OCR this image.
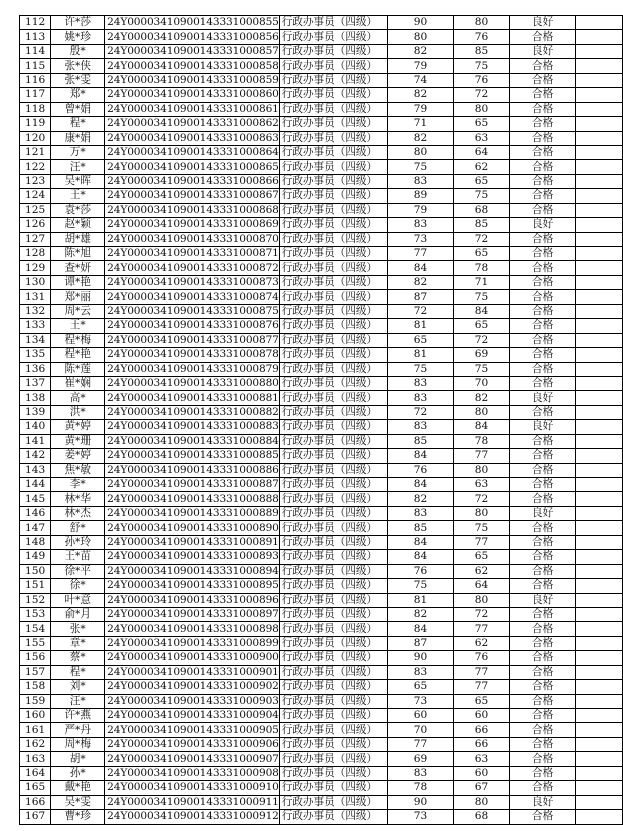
112	许*莎	24Y00003410900143331000855	行政办事员（四级）	90	80	良好	
113	姚*珍	24Y00003410900143331000856	行政办事员（四级）	80	76	合格	
114	殷*	24Y00003410900143331000857	行政办事员（四级）	82	85	良好	
115	张*侠	24Y00003410900143331000858	行政办事员（四级）	79	75	合格	
116	张*雯	24Y00003410900143331000859	行政办事员（四级）	74	76	合格	
117	郑*	24Y00003410900143331000860	行政办事员（四级）	82	72	合格	
118	曾*娟	24Y00003410900143331000861	行政办事员（四级）	79	80	合格	
119	程*	24Y00003410900143331000862	行政办事员（四级）	71	65	合格	
120	康*娟	24Y00003410900143331000863	行政办事员（四级）	82	63	合格	
121	万*	24Y00003410900143331000864	行政办事员（四级）	80	64	合格	
122	汪*	24Y00003410900143331000865	行政办事员（四级）	75	62	合格	
123	吴*晖	24Y00003410900143331000866	行政办事员（四级）	83	65	合格	
124	王*	24Y00003410900143331000867	行政办事员（四级）	89	75	合格	
125	袁*莎	24Y00003410900143331000868	行政办事员（四级）	79	68	合格	
126	赵*颖	24Y00003410900143331000869	行政办事员（四级）	83	85	良好	
127	胡*雄	24Y00003410900143331000870	行政办事员（四级）	73	72	合格	
128	陈*旭	24Y00003410900143331000871	行政办事员（四级）	77	65	合格	
129	查*妍	24Y00003410900143331000872	行政办事员（四级）	84	78	合格	
130	谭*艳	24Y00003410900143331000873	行政办事员（四级）	82	71	合格	
131	郑*丽	24Y00003410900143331000874	行政办事员（四级）	87	75	合格	
132	周*云	24Y00003410900143331000875	行政办事员（四级）	72	84	合格	
133	王*	24Y00003410900143331000876	行政办事员（四级）	81	65	合格	
134	程*梅	24Y00003410900143331000877	行政办事员（四级）	65	72	合格	
135	程*艳	24Y00003410900143331000878	行政办事员（四级）	81	69	合格	
136	陈*莲	24Y00003410900143331000879	行政办事员（四级）	75	75	合格	
137	崔*娴	24Y00003410900143331000880	行政办事员（四级）	83	70	合格	
138	高*	24Y00003410900143331000881	行政办事员（四级）	83	82	良好	
139	洪*	24Y00003410900143331000882	行政办事员（四级）	72	80	合格	
140	黄*婷	24Y00003410900143331000883	行政办事员（四级）	83	84	良好	
141	黄*珊	24Y00003410900143331000884	行政办事员（四级）	85	78	合格	
142	姜*婷	24Y00003410900143331000885	行政办事员（四级）	84	77	合格	
143	焦*敏	24Y00003410900143331000886	行政办事员（四级）	76	80	合格	
144	李*	24Y00003410900143331000887	行政办事员（四级）	84	63	合格	
145	林*华	24Y00003410900143331000888	行政办事员（四级）	82	72	合格	
146	林*杰	24Y00003410900143331000889	行政办事员（四级）	83	80	良好	
147	舒*	24Y00003410900143331000890	行政办事员（四级）	85	75	合格	
148	孙*玲	24Y00003410900143331000891	行政办事员（四级）	84	77	合格	
149	王*苗	24Y00003410900143331000893	行政办事员（四级）	84	65	合格	
150	徐*平	24Y00003410900143331000894	行政办事员（四级）	76	62	合格	
151	徐*	24Y00003410900143331000895	行政办事员（四级）	75	64	合格	
152	叶*意	24Y00003410900143331000896	行政办事员（四级）	81	80	良好	
153	俞*月	24Y00003410900143331000897	行政办事员（四级）	82	72	合格	
154	张*	24Y00003410900143331000898	行政办事员（四级）	84	77	合格	
155	章*	24Y00003410900143331000899	行政办事员（四级）	87	62	合格	
156	蔡*	24Y00003410900143331000900	行政办事员（四级）	90	76	合格	
157	程*	24Y00003410900143331000901	行政办事员（四级）	83	77	合格	
158	刘*	24Y00003410900143331000902	行政办事员（四级）	65	77	合格	
159	汪*	24Y00003410900143331000903	行政办事员（四级）	73	65	合格	
160	许*燕	24Y00003410900143331000904	行政办事员（四级）	60	60	合格	
161	严*丹	24Y00003410900143331000905	行政办事员（四级）	70	66	合格	
162	周*梅	24Y00003410900143331000906	行政办事员（四级）	77	66	合格	
163	胡*	24Y00003410900143331000907	行政办事员（四级）	69	63	合格	
164	孙*	24Y00003410900143331000908	行政办事员（四级）	83	60	合格	
165	戴*艳	24Y00003410900143331000910	行政办事员（四级）	78	67	合格	
166	吴*雯	24Y00003410900143331000911	行政办事员（四级）	90	80	良好	
167	曹*珍	24Y00003410900143331000912	行政办事员（四级）	73	68	合格	
